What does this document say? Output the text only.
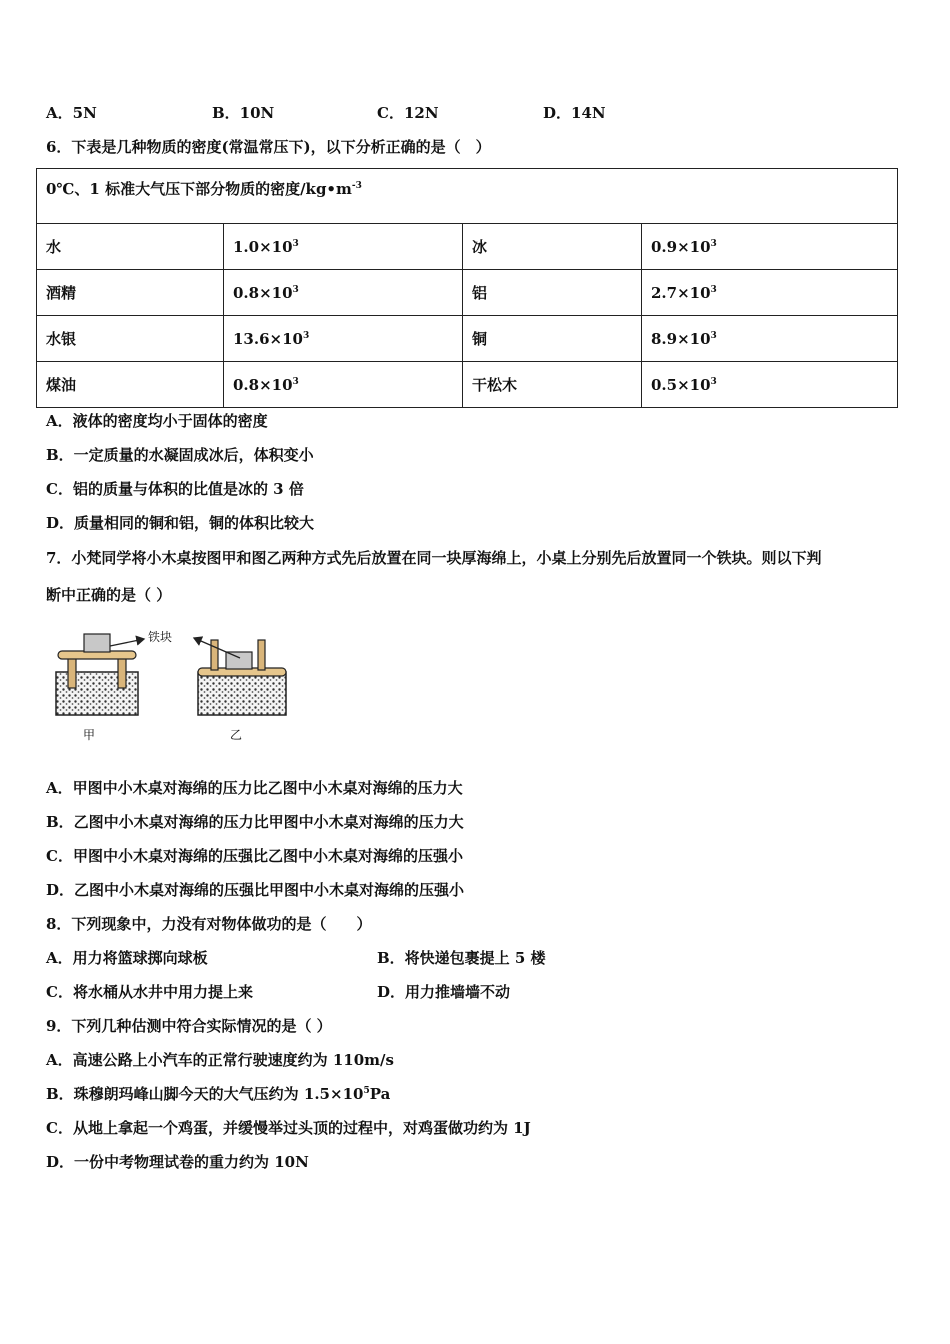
A．5N	B．10N	C．12N	D．14N
6．下表是几种物质的密度(常温常压下)，以下分析正确的是（　）
0℃、1 标准大气压下部分物质的密度$/kg•m^{-3}$
水	$1.0\times 10^3$	冰	$0.9\times 10^3$
酒精	$0.8\times 10^3$	铝	$2.7\times 10^3$
水银	$13.6\times 10^3$	铜	$8.9\times 10^3$
煤油	$0.8\times 10^3$	干松木	$0.5\times 10^3$
A．液体的密度均小于固体的密度
B．一定质量的水凝固成冰后，体积变小
C．铝的质量与体积的比值是冰的 3 倍
D．质量相同的铜和铝，铜的体积比较大
7．小梵同学将小木桌按图甲和图乙两种方式先后放置在同一块厚海绵上，小桌上分别先后放置同一个铁块。则以下判
断中正确的是（ ）
铁块
甲	乙
A．甲图中小木桌对海绵的压力比乙图中小木桌对海绵的压力大
B．乙图中小木桌对海绵的压力比甲图中小木桌对海绵的压力大
C．甲图中小木桌对海绵的压强比乙图中小木桌对海绵的压强小
D．乙图中小木桌对海绵的压强比甲图中小木桌对海绵的压强小
8．下列现象中，力没有对物体做功的是（　　）
A．用力将篮球掷向球板	B．将快递包裹提上 5 楼
C．将水桶从水井中用力提上来	D．用力推墙墙不动
9．下列几种估测中符合实际情况的是（ ）
A．高速公路上小汽车的正常行驶速度约为 110m/s
B．珠穆朗玛峰山脚今天的大气压约为 $1.5\times 10^5Pa$
C．从地上拿起一个鸡蛋，并缓慢举过头顶的过程中，对鸡蛋做功约为 1J
D．一份中考物理试卷的重力约为 10N
